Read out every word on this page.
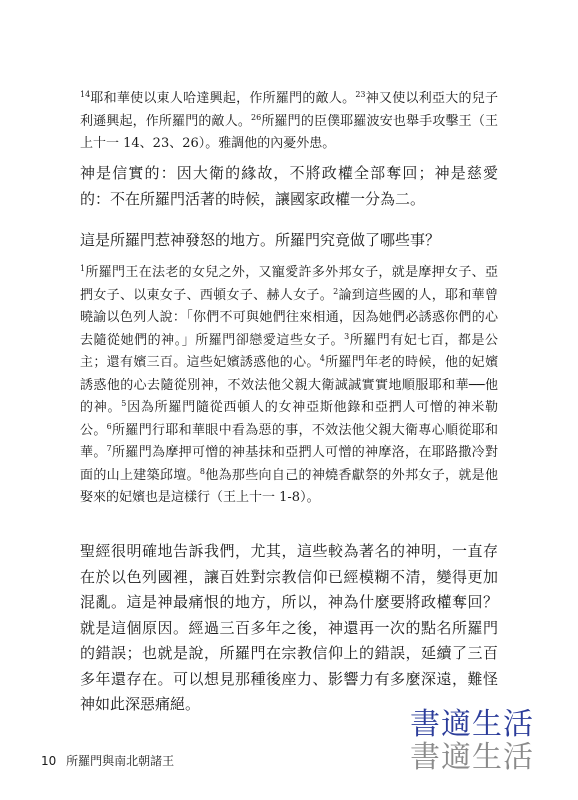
$^{14}$耶和華使以東人哈達興起，作所羅門的敵人。$^{23}$神又使以利亞大的兒子利遜興起，作所羅門的敵人。$^{26}$所羅門的臣僕耶羅波安也舉手攻擊王（王上十一 14、23、26）。雅調他的內憂外患。

神是信實的：因大衛的緣故，不將政權全部奪回；神是慈愛的：不在所羅門活著的時候，讓國家政權一分為二。

這是所羅門惹神發怒的地方。所羅門究竟做了哪些事？

$^1$所羅門王在法老的女兒之外，又寵愛許多外邦女子，就是摩押女子、亞捫女子、以東女子、西頓女子、赫人女子。$^2$論到這些國的人，耶和華曾曉諭以色列人說：「你們不可與她們往來相通，因為她們必誘惑你們的心去隨從她們的神。」所羅門卻戀愛這些女子。$^3$所羅門有妃七百，都是公主；還有嬪三百。這些妃嬪誘惑他的心。$^4$所羅門年老的時候，他的妃嬪誘惑他的心去隨從別神，不效法他父親大衛誠誠實實地順服耶和華──他的神。$^5$因為所羅門隨從西頓人的女神亞斯他錄和亞捫人可憎的神米勒公。$^6$所羅門行耶和華眼中看為惡的事，不效法他父親大衛專心順從耶和華。$^7$所羅門為摩押可憎的神基抹和亞捫人可憎的神摩洛，在耶路撒冷對面的山上建築邱壇。$^8$他為那些向自己的神燒香獻祭的外邦女子，就是他娶來的妃嬪也是這樣行（王上十一 1-8）。

聖經很明確地告訴我們，尤其，這些較為著名的神明，一直存在於以色列國裡，讓百姓對宗教信仰已經模糊不清，變得更加混亂。這是神最痛恨的地方，所以，神為什麼要將政權奪回？就是這個原因。經過三百多年之後，神還再一次的點名所羅門的錯誤；也就是說，所羅門在宗教信仰上的錯誤，延續了三百多年還存在。可以想見那種後座力、影響力有多麼深遠，難怪神如此深惡痛絕。

10 所羅門與南北朝諸王
書適生活
書適生活
